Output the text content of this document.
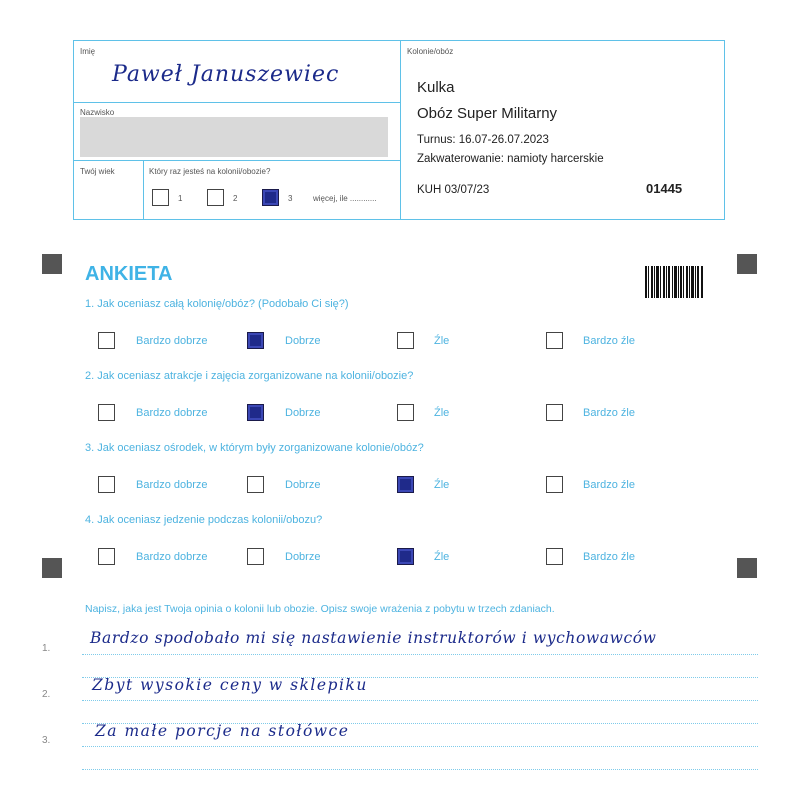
Imię
Paweł Januszewiec
Nazwisko
Twój wiek	Który raz jesteś na kolonii/obozie?
1	2	3	więcej, ile ............
Kolonie/obóz
Kulka
Obóz Super Militarny
Turnus: 16.07-26.07.2023
Zakwaterowanie: namioty harcerskie
KUH 03/07/23	01445
ANKIETA
1. Jak oceniasz całą kolonię/obóz? (Podobało Ci się?)
Bardzo dobrze	Dobrze	Źle	Bardzo źle
2. Jak oceniasz atrakcje i zajęcia zorganizowane na kolonii/obozie?
Bardzo dobrze	Dobrze	Źle	Bardzo źle
3. Jak oceniasz ośrodek, w którym były zorganizowane kolonie/obóz?
Bardzo dobrze	Dobrze	Źle	Bardzo źle
4. Jak oceniasz jedzenie podczas kolonii/obozu?
Bardzo dobrze	Dobrze	Źle	Bardzo źle
Napisz, jaka jest Twoja opinia o kolonii lub obozie. Opisz swoje wrażenia z pobytu w trzech zdaniach.
1.
2.
3.
Bardzo spodobało mi się nastawienie instruktorów i wychowawców
Zbyt wysokie ceny w sklepiku
Za małe porcje na stołówce
